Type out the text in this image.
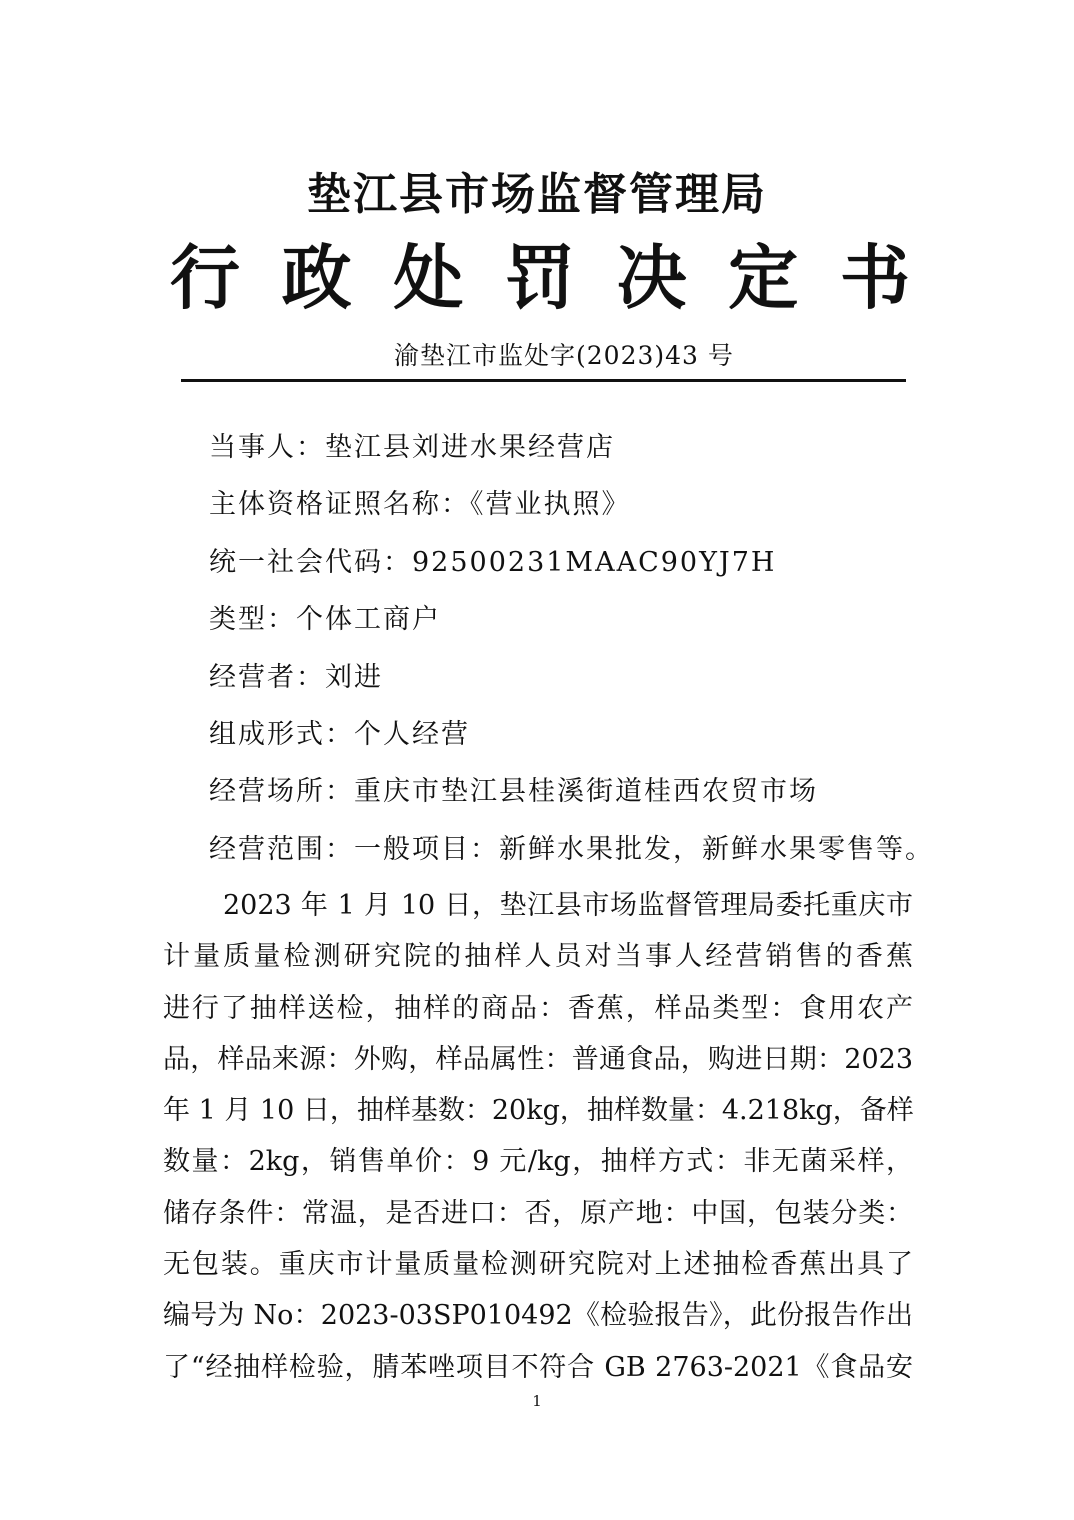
垫江县市场监督管理局
行 政 处 罚 决 定 书

渝垫江市监处字(2023)43 号

当事人：垫江县刘进水果经营店
主体资格证照名称：《营业执照》
统一社会代码：92500231MAAC90YJ7H
类型：个体工商户
经营者：刘进
组成形式：个人经营
经营场所：重庆市垫江县桂溪街道桂西农贸市场
经营范围：一般项目：新鲜水果批发，新鲜水果零售等。
2023 年 1 月 10 日，垫江县市场监督管理局委托重庆市
计量质量检测研究院的抽样人员对当事人经营销售的香蕉
进行了抽样送检，抽样的商品：香蕉，样品类型：食用农产
品，样品来源：外购，样品属性：普通食品，购进日期：2023
年 1 月 10 日，抽样基数：20kg，抽样数量：4.218kg，备样
数量：2kg，销售单价：9 元/kg，抽样方式：非无菌采样，
储存条件：常温，是否进口：否，原产地：中国，包装分类：
无包装。重庆市计量质量检测研究院对上述抽检香蕉出具了
编号为 No：2023-03SP010492《检验报告》，此份报告作出
了“经抽样检验，腈苯唑项目不符合 GB 2763-2021《食品安
1
